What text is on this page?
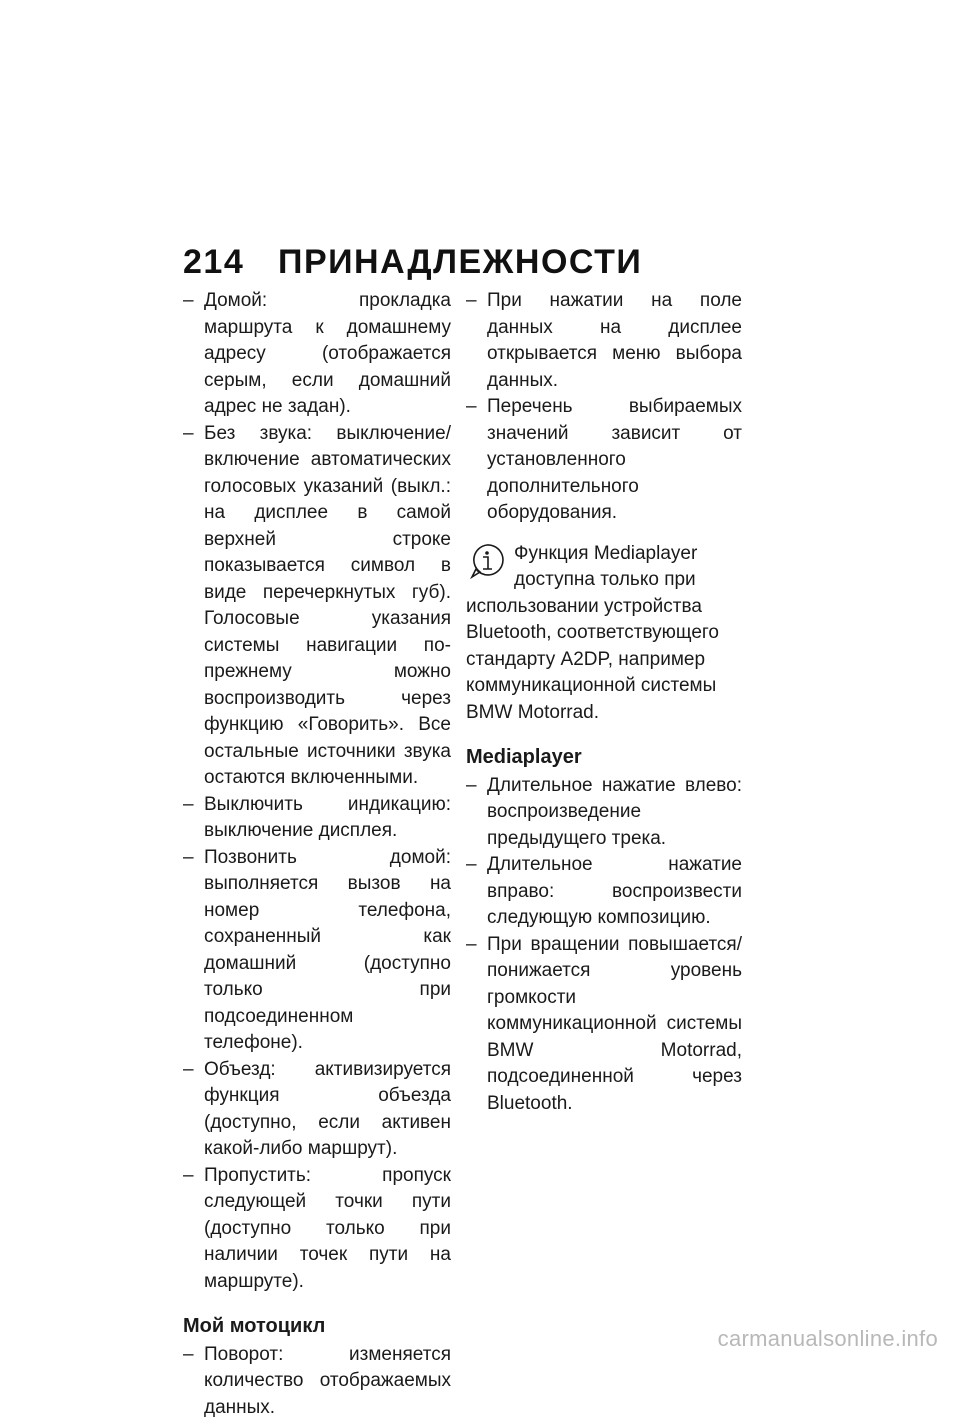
214 ПРИНАДЛЕЖНОСТИ
– Домой: прокладка маршрута к домашнему адресу (отображается серым, если домашний адрес не задан).
– Без звука: выключение/включение автоматических голосовых указаний (выкл.: на дисплее в самой верхней строке показывается символ в виде перечеркнутых губ). Голосовые указания системы навигации по-прежнему можно воспроизводить через функцию «Говорить». Все остальные источники звука остаются включенными.
– Выключить индикацию: выключение дисплея.
– Позвонить домой: выполняется вызов на номер телефона, сохраненный как домашний (доступно только при подсоединенном телефоне).
– Объезд: активизируется функция объезда (доступно, если активен какой-либо маршрут).
– Пропустить: пропуск следующей точки пути (доступно только при наличии точек пути на маршруте).
Мой мотоцикл
– Поворот: изменяется количество отображаемых данных.
– При нажатии на поле данных на дисплее открывается меню выбора данных.
– Перечень выбираемых значений зависит от установленного дополнительного оборудования.
Функция Mediaplayer доступна только при использовании устройства Bluetooth, соответствующего стандарту A2DP, например коммуникационной системы BMW Motorrad.
Mediaplayer
– Длительное нажатие влево: воспроизведение предыдущего трека.
– Длительное нажатие вправо: воспроизвести следующую композицию.
– При вращении повышается/понижается уровень громкости коммуникационной системы BMW Motorrad, подсоединенной через Bluetooth.
carmanualsonline.info
